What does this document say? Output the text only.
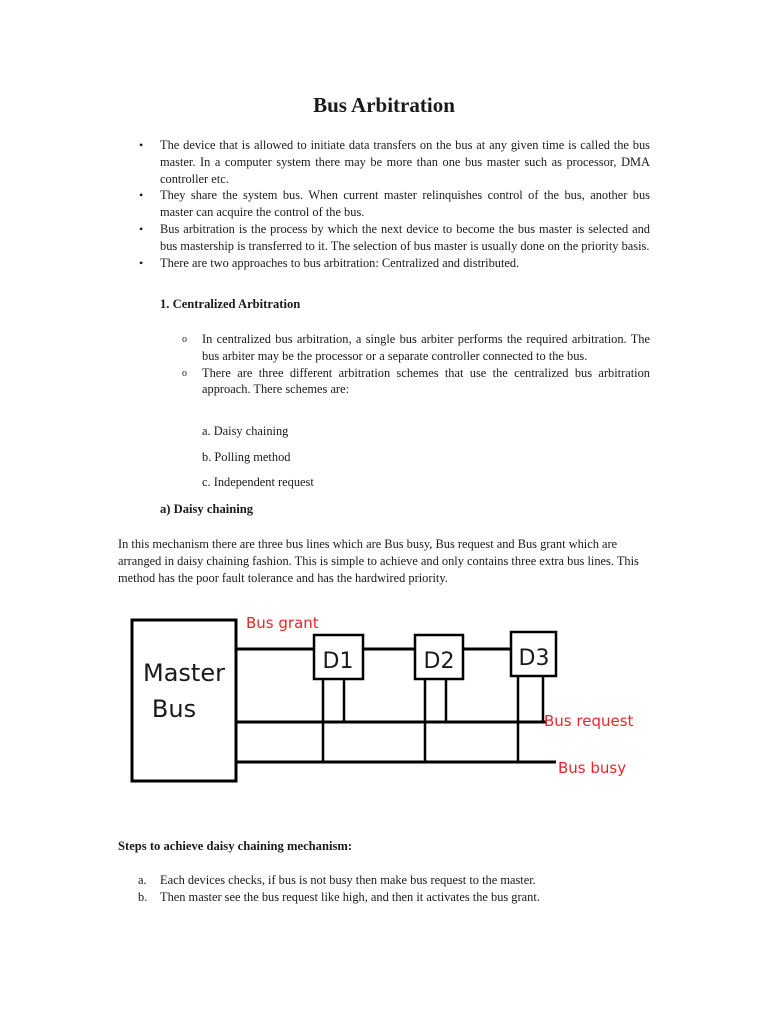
Bus Arbitration
• The device that is allowed to initiate data transfers on the bus at any given time is called the bus master. In a computer system there may be more than one bus master such as processor, DMA controller etc.
• They share the system bus. When current master relinquishes control of the bus, another bus master can acquire the control of the bus.
• Bus arbitration is the process by which the next device to become the bus master is selected and bus mastership is transferred to it. The selection of bus master is usually done on the priority basis.
• There are two approaches to bus arbitration: Centralized and distributed.

1. Centralized Arbitration

o In centralized bus arbitration, a single bus arbiter performs the required arbitration. The bus arbiter may be the processor or a separate controller connected to the bus.
o There are three different arbitration schemes that use the centralized bus arbitration approach. There schemes are:

a. Daisy chaining

b. Polling method

c. Independent request

a) Daisy chaining

In this mechanism there are three bus lines which are Bus busy, Bus request and Bus grant which are arranged in daisy chaining fashion. This is simple to achieve and only contains three extra bus lines. This method has the poor fault tolerance and has the hardwired priority.

Master
Bus
D1	D2	D3
Bus grant
Bus request
Bus busy

Steps to achieve daisy chaining mechanism:

a. Each devices checks, if bus is not busy then make bus request to the master.
b. Then master see the bus request like high, and then it activates the bus grant.
